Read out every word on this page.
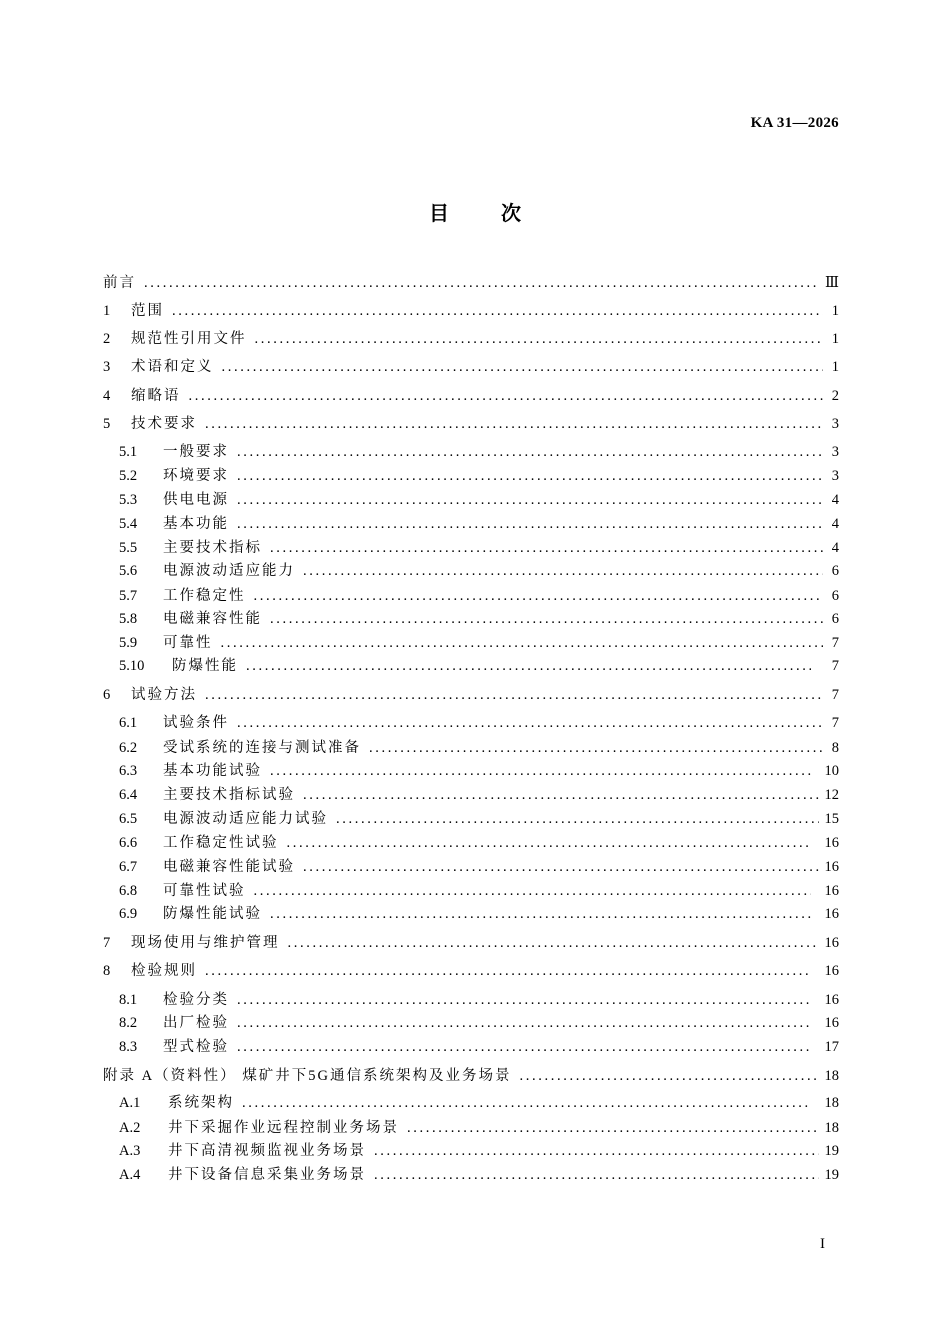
KA 31—2026
目次
前言 . . .	Ⅲ
1	范围 . . .	1
2	规范性引用文件 . . .	1
3	术语和定义 . . .	1
4	缩略语 . . .	2
5	技术要求 . . .	3
5.1	一般要求 . . .	3
5.2	环境要求 . . .	3
5.3	供电电源 . . .	4
5.4	基本功能 . . .	4
5.5	主要技术指标 . . .	4
5.6	电源波动适应能力 . . .	6
5.7	工作稳定性 . . .	6
5.8	电磁兼容性能 . . .	6
5.9	可靠性 . . .	7
5.10	防爆性能 . . .	7
6	试验方法 . . .	7
6.1	试验条件 . . .	7
6.2	受试系统的连接与测试准备 . . .	8
6.3	基本功能试验 . . .	10
6.4	主要技术指标试验 . . .	12
6.5	电源波动适应能力试验 . . .	15
6.6	工作稳定性试验 . . .	16
6.7	电磁兼容性能试验 . . .	16
6.8	可靠性试验 . . .	16
6.9	防爆性能试验 . . .	16
7	现场使用与维护管理 . . .	16
8	检验规则 . . .	16
8.1	检验分类 . . .	16
8.2	出厂检验 . . .	16
8.3	型式检验 . . .	17
附录 A（资料性） 煤矿井下5G通信系统架构及业务场景 . . .	18
A.1	系统架构 . . .	18
A.2	井下采掘作业远程控制业务场景 . . .	18
A.3	井下高清视频监视业务场景 . . .	19
A.4	井下设备信息采集业务场景 . . .	19
I
